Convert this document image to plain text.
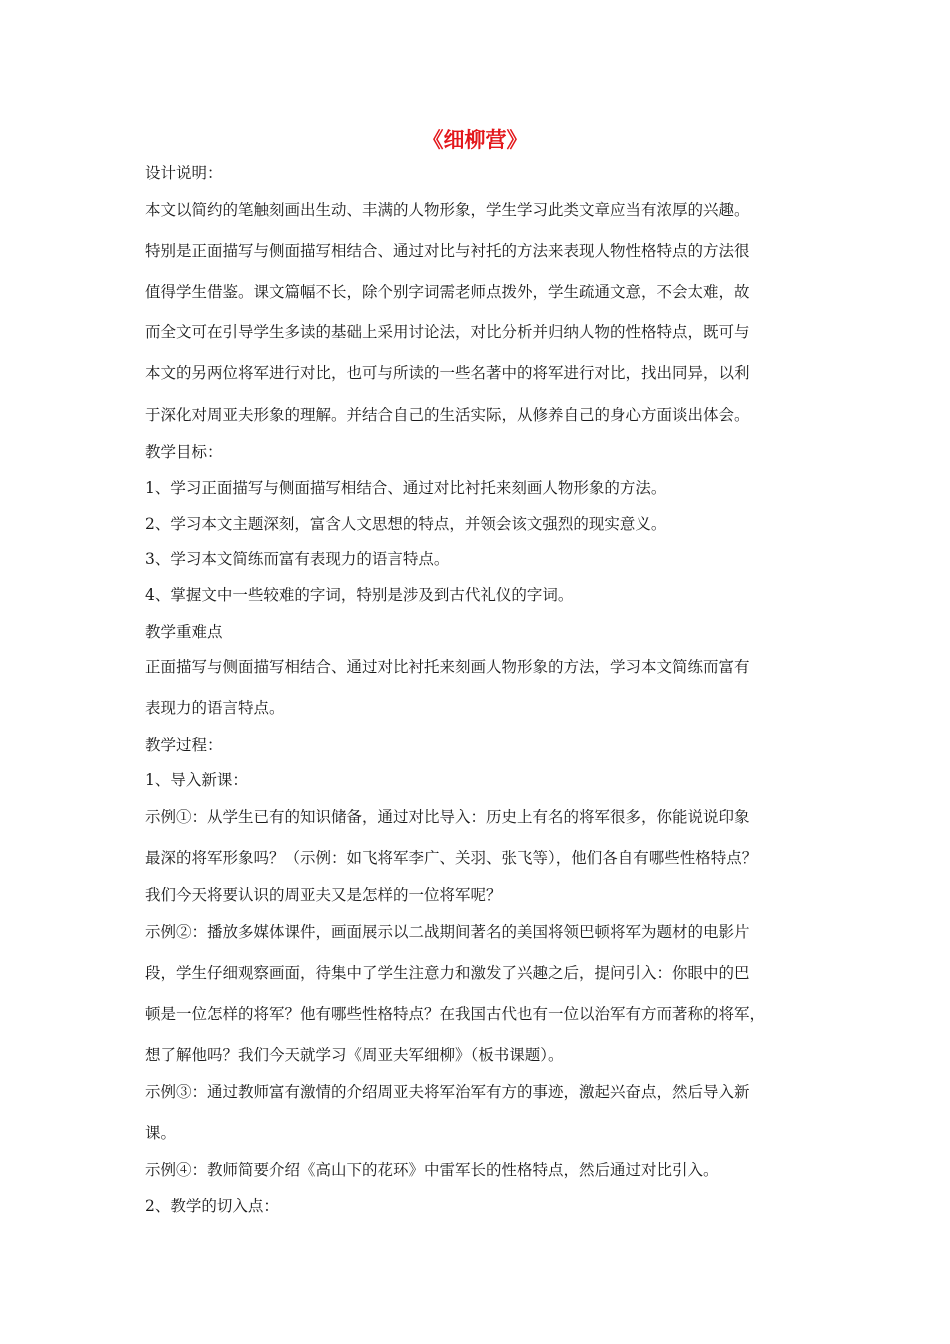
《细柳营》
设计说明：
本文以简约的笔触刻画出生动、丰满的人物形象，学生学习此类文章应当有浓厚的兴趣。
特别是正面描写与侧面描写相结合、通过对比与衬托的方法来表现人物性格特点的方法很
值得学生借鉴。课文篇幅不长，除个别字词需老师点拨外，学生疏通文意，不会太难，故
而全文可在引导学生多读的基础上采用讨论法，对比分析并归纳人物的性格特点，既可与
本文的另两位将军进行对比，也可与所读的一些名著中的将军进行对比，找出同异，以利
于深化对周亚夫形象的理解。并结合自己的生活实际，从修养自己的身心方面谈出体会。
教学目标：
1、学习正面描写与侧面描写相结合、通过对比衬托来刻画人物形象的方法。
2、学习本文主题深刻，富含人文思想的特点，并领会该文强烈的现实意义。
3、学习本文简练而富有表现力的语言特点。
4、掌握文中一些较难的字词，特别是涉及到古代礼仪的字词。
教学重难点
正面描写与侧面描写相结合、通过对比衬托来刻画人物形象的方法，学习本文简练而富有
表现力的语言特点。
教学过程：
1、导入新课：
示例①：从学生已有的知识储备，通过对比导入：历史上有名的将军很多，你能说说印象
最深的将军形象吗？（示例：如飞将军李广、关羽、张飞等），他们各自有哪些性格特点？
我们今天将要认识的周亚夫又是怎样的一位将军呢？
示例②：播放多媒体课件，画面展示以二战期间著名的美国将领巴顿将军为题材的电影片
段，学生仔细观察画面，待集中了学生注意力和激发了兴趣之后，提问引入：你眼中的巴
顿是一位怎样的将军？他有哪些性格特点？在我国古代也有一位以治军有方而著称的将军，
想了解他吗？我们今天就学习《周亚夫军细柳》（板书课题）。
示例③：通过教师富有激情的介绍周亚夫将军治军有方的事迹，激起兴奋点，然后导入新
课。
示例④：教师简要介绍《高山下的花环》中雷军长的性格特点，然后通过对比引入。
2、教学的切入点：
